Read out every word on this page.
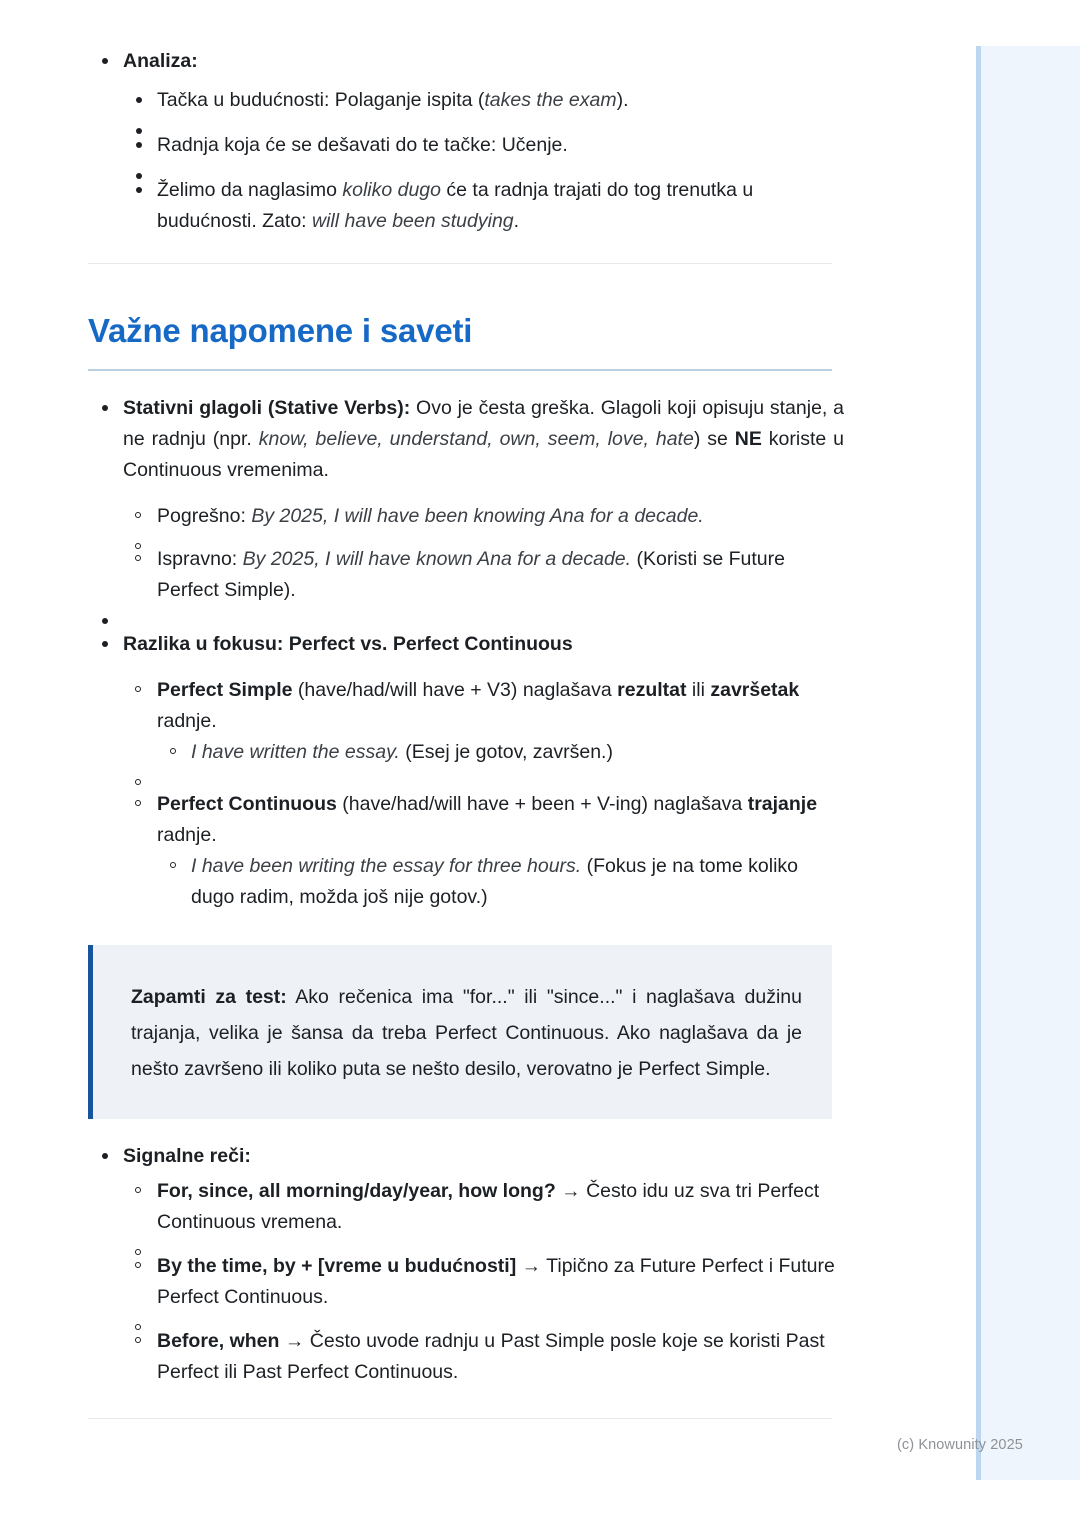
Analiza:
Tačka u budućnosti: Polaganje ispita (takes the exam).
Radnja koja će se dešavati do te tačke: Učenje.
Želimo da naglasimo koliko dugo će ta radnja trajati do tog trenutka u budućnosti. Zato: will have been studying.
Važne napomene i saveti
Stativni glagoli (Stative Verbs): Ovo je česta greška. Glagoli koji opisuju stanje, a ne radnju (npr. know, believe, understand, own, seem, love, hate) se NE koriste u Continuous vremenima.
Pogrešno: By 2025, I will have been knowing Ana for a decade.
Ispravno: By 2025, I will have known Ana for a decade. (Koristi se Future Perfect Simple).
Razlika u fokusu: Perfect vs. Perfect Continuous
Perfect Simple (have/had/will have + V3) naglašava rezultat ili završetak radnje.
I have written the essay. (Esej je gotov, završen.)
Perfect Continuous (have/had/will have + been + V-ing) naglašava trajanje radnje.
I have been writing the essay for three hours. (Fokus je na tome koliko dugo radim, možda još nije gotov.)
Zapamti za test: Ako rečenica ima "for..." ili "since..." i naglašava dužinu trajanja, velika je šansa da treba Perfect Continuous. Ako naglašava da je nešto završeno ili koliko puta se nešto desilo, verovatno je Perfect Simple.
Signalne reči:
For, since, all morning/day/year, how long? → Često idu uz sva tri Perfect Continuous vremena.
By the time, by + [vreme u budućnosti] → Tipično za Future Perfect i Future Perfect Continuous.
Before, when → Često uvode radnju u Past Simple posle koje se koristi Past Perfect ili Past Perfect Continuous.
(c) Knowunity 2025
